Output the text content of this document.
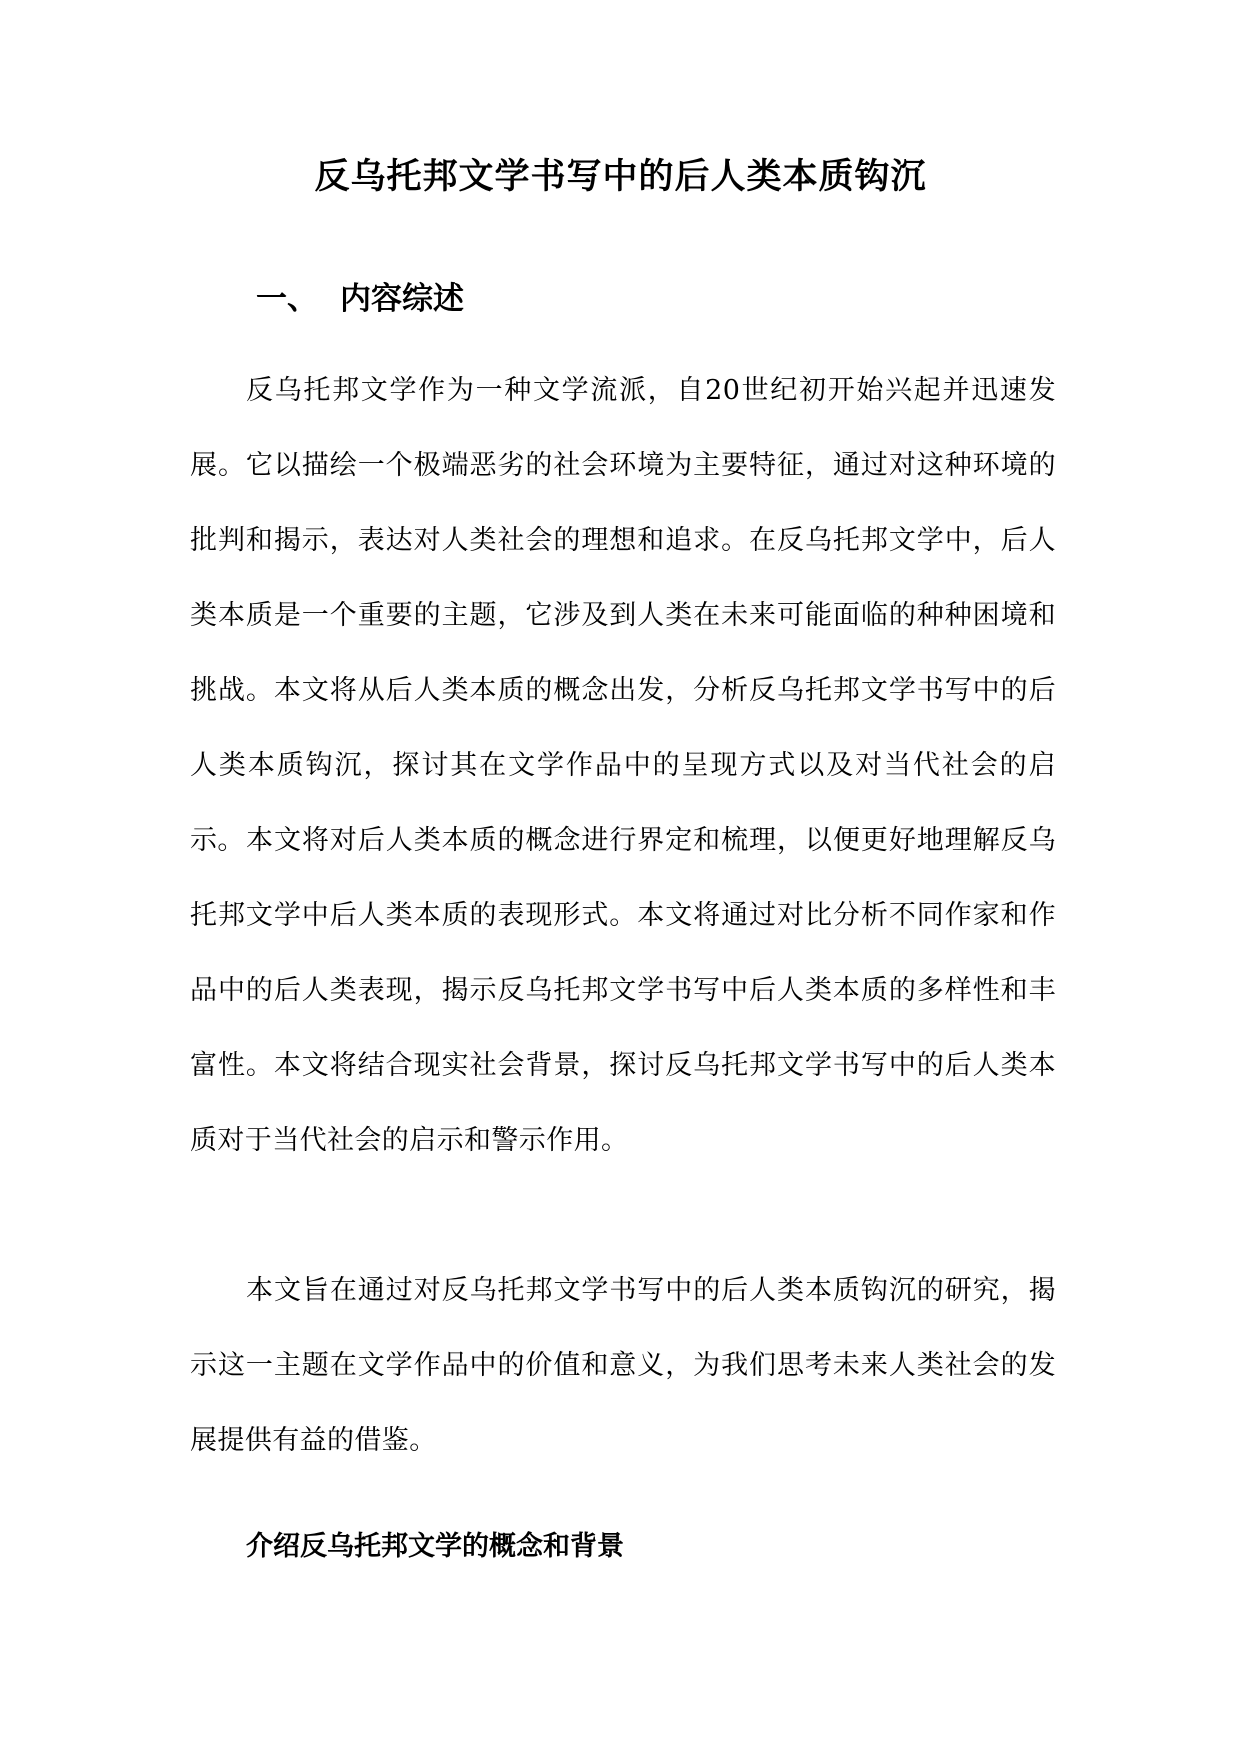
反乌托邦文学书写中的后人类本质钩沉
一、 内容综述

反乌托邦文学作为一种文学流派，自20世纪初开始兴起并迅速发展。它以描绘一个极端恶劣的社会环境为主要特征，通过对这种环境的批判和揭示，表达对人类社会的理想和追求。在反乌托邦文学中，后人类本质是一个重要的主题，它涉及到人类在未来可能面临的种种困境和挑战。本文将从后人类本质的概念出发，分析反乌托邦文学书写中的后人类本质钩沉，探讨其在文学作品中的呈现方式以及对当代社会的启示。 本文将对后人类本质的概念进行界定和梳理，以便更好地理解反乌托邦文学中后人类本质的表现形式。本文将通过对比分析不同作家和作品中的后人类表现，揭示反乌托邦文学书写中后人类本质的多样性和丰富性。本文将结合现实社会背景，探讨反乌托邦文学书写中的后人类本质对于当代社会的启示和警示作用。

本文旨在通过对反乌托邦文学书写中的后人类本质钩沉的研究，揭示这一主题在文学作品中的价值和意义，为我们思考未来人类社会的发展提供有益的借鉴。

介绍反乌托邦文学的概念和背景
